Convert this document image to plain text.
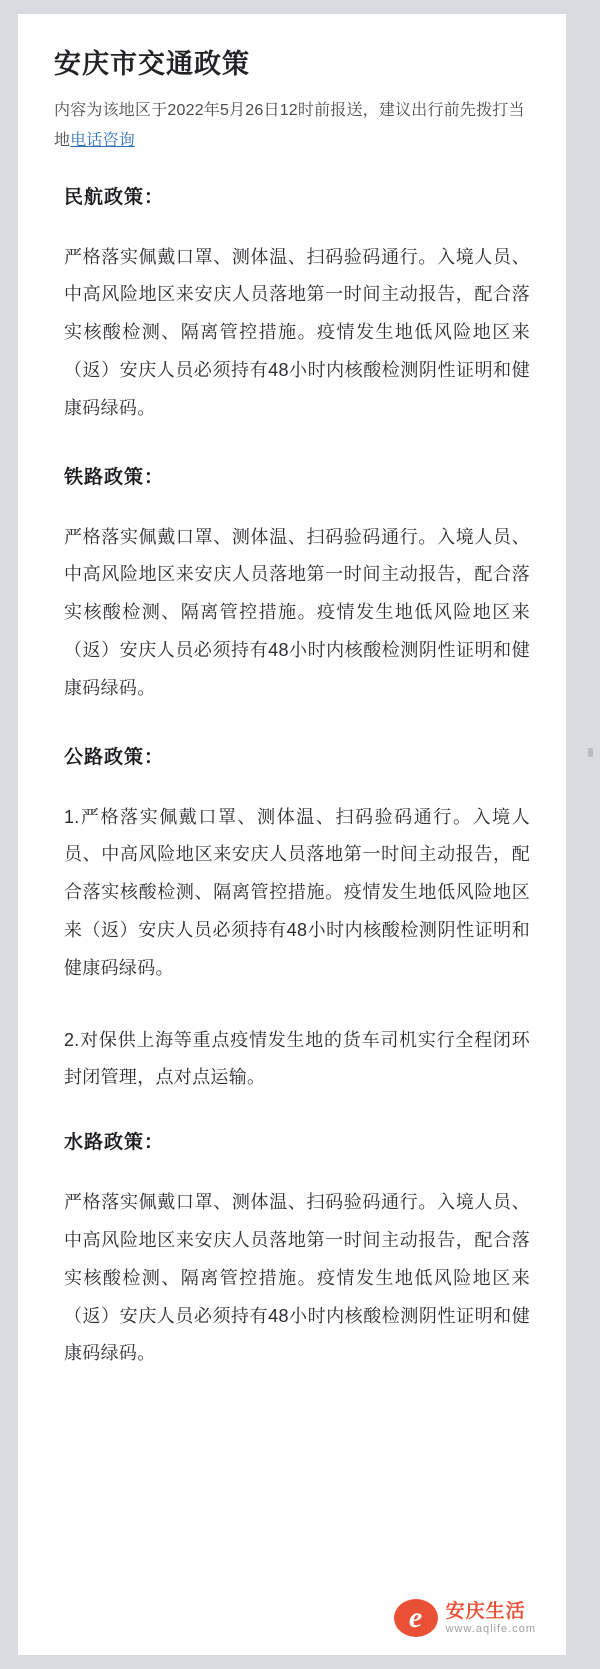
安庆市交通政策

内容为该地区于2022年5月26日12时前报送，建议出行前先拨打当地电话咨询

民航政策：

严格落实佩戴口罩、测体温、扫码验码通行。入境人员、中高风险地区来安庆人员落地第一时间主动报告，配合落实核酸检测、隔离管控措施。疫情发生地低风险地区来（返）安庆人员必须持有48小时内核酸检测阴性证明和健康码绿码。

铁路政策：

严格落实佩戴口罩、测体温、扫码验码通行。入境人员、中高风险地区来安庆人员落地第一时间主动报告，配合落实核酸检测、隔离管控措施。疫情发生地低风险地区来（返）安庆人员必须持有48小时内核酸检测阴性证明和健康码绿码。

公路政策：

1.严格落实佩戴口罩、测体温、扫码验码通行。入境人员、中高风险地区来安庆人员落地第一时间主动报告，配合落实核酸检测、隔离管控措施。疫情发生地低风险地区来（返）安庆人员必须持有48小时内核酸检测阴性证明和健康码绿码。

2.对保供上海等重点疫情发生地的货车司机实行全程闭环封闭管理，点对点运输。

水路政策：

严格落实佩戴口罩、测体温、扫码验码通行。入境人员、中高风险地区来安庆人员落地第一时间主动报告，配合落实核酸检测、隔离管控措施。疫情发生地低风险地区来（返）安庆人员必须持有48小时内核酸检测阴性证明和健康码绿码。

e	安庆生活
www.aqlife.com
